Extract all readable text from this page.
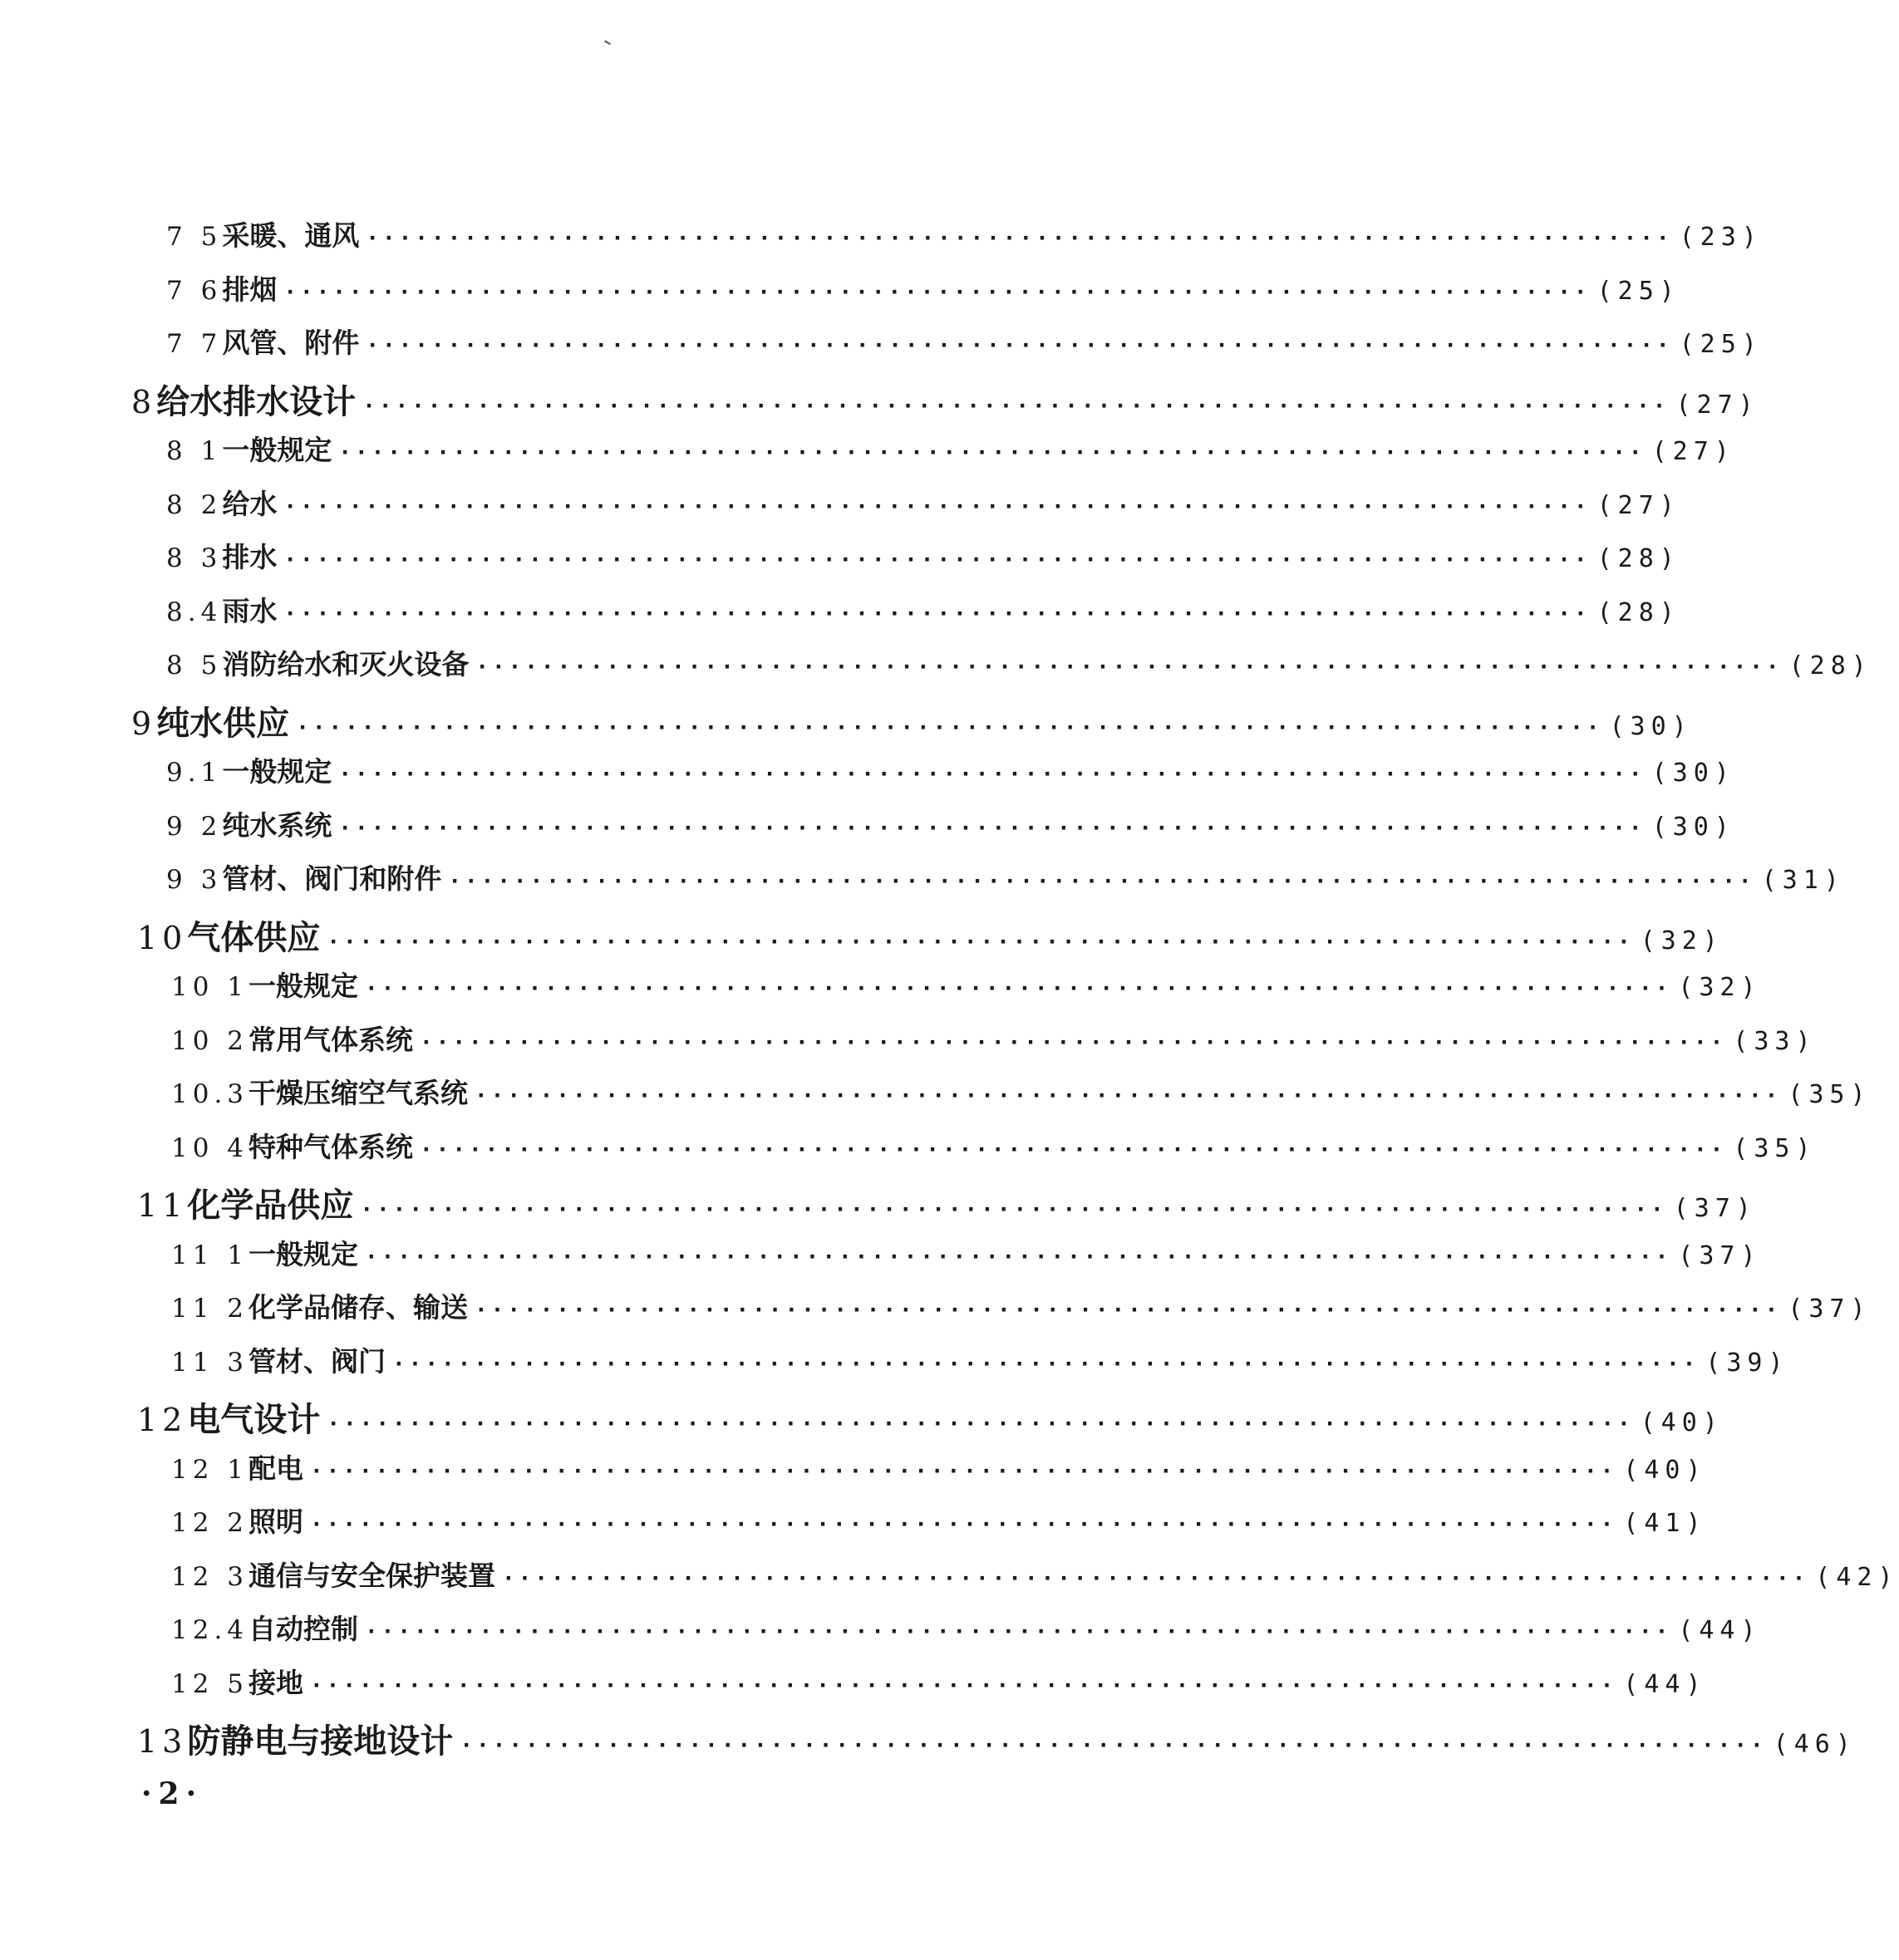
7 5 采暖、通风 ················································································ (23)
7 6 排烟 ················································································ (25)
7 7 风管、附件 ················································································ (25)
8 给水排水设计 ················································································ (27)
8 1 一般规定 ················································································ (27)
8 2 给水 ················································································ (27)
8 3 排水 ················································································ (28)
8.4 雨水 ················································································ (28)
8 5 消防给水和灭火设备 ················································································ (28)
9 纯水供应 ················································································ (30)
9.1 一般规定 ················································································ (30)
9 2 纯水系统 ················································································ (30)
9 3 管材、阀门和附件 ················································································ (31)
10 气体供应 ················································································ (32)
10 1 一般规定 ················································································ (32)
10 2 常用气体系统 ················································································ (33)
10.3 干燥压缩空气系统 ················································································ (35)
10 4 特种气体系统 ················································································ (35)
11 化学品供应 ················································································ (37)
11 1 一般规定 ················································································ (37)
11 2 化学品储存、输送 ················································································ (37)
11 3 管材、阀门 ················································································ (39)
12 电气设计 ················································································ (40)
12 1 配电 ················································································ (40)
12 2 照明 ················································································ (41)
12 3 通信与安全保护装置 ················································································ (42)
12.4 自动控制 ················································································ (44)
12 5 接地 ················································································ (44)
13 防静电与接地设计 ················································································ (46)
·2·
